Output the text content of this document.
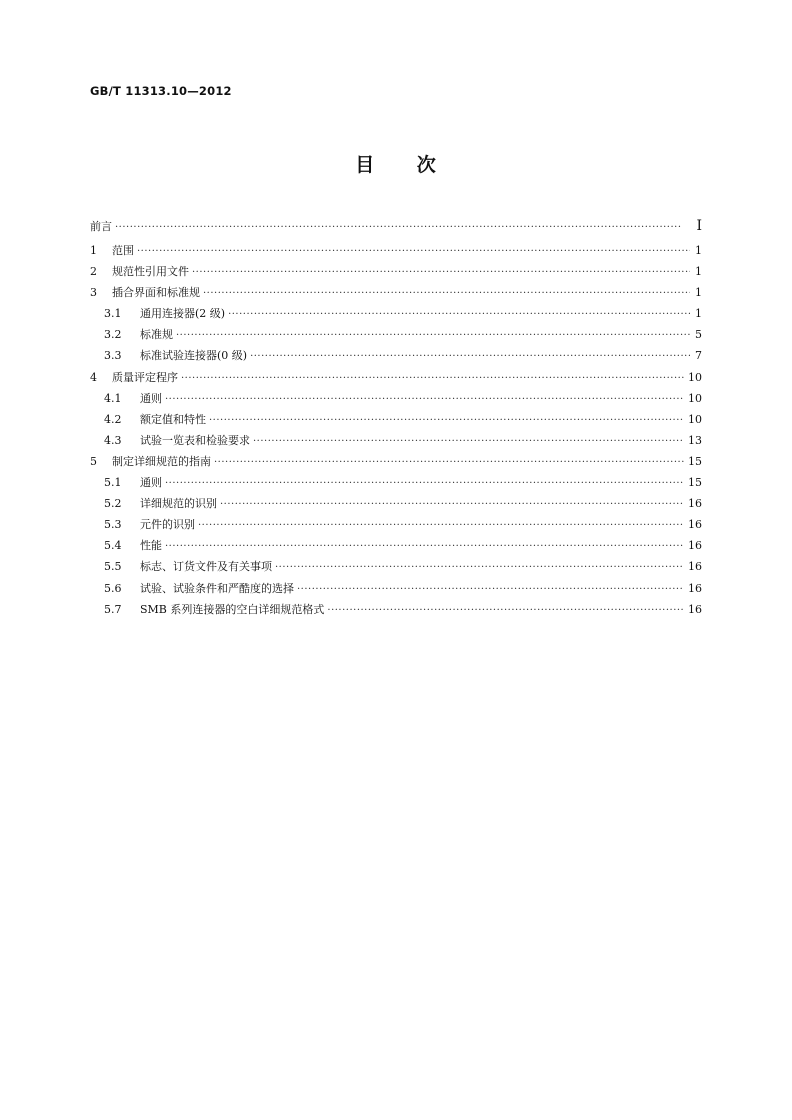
GB/T 11313.10—2012

目 次
前言 ·····	I
1	范围 ·····	1
2	规范性引用文件 ·····	1
3	插合界面和标准规 ·····	1
3.1	通用连接器(2 级) ·····	1
3.2	标准规 ·····	5
3.3	标准试验连接器(0 级) ·····	7
4	质量评定程序 ·····	10
4.1	通则 ·····	10
4.2	额定值和特性 ·····	10
4.3	试验一览表和检验要求 ·····	13
5	制定详细规范的指南 ·····	15
5.1	通则 ·····	15
5.2	详细规范的识别 ·····	16
5.3	元件的识别 ·····	16
5.4	性能 ·····	16
5.5	标志、订货文件及有关事项 ·····	16
5.6	试验、试验条件和严酷度的选择 ·····	16
5.7	SMB 系列连接器的空白详细规范格式 ·····	16
